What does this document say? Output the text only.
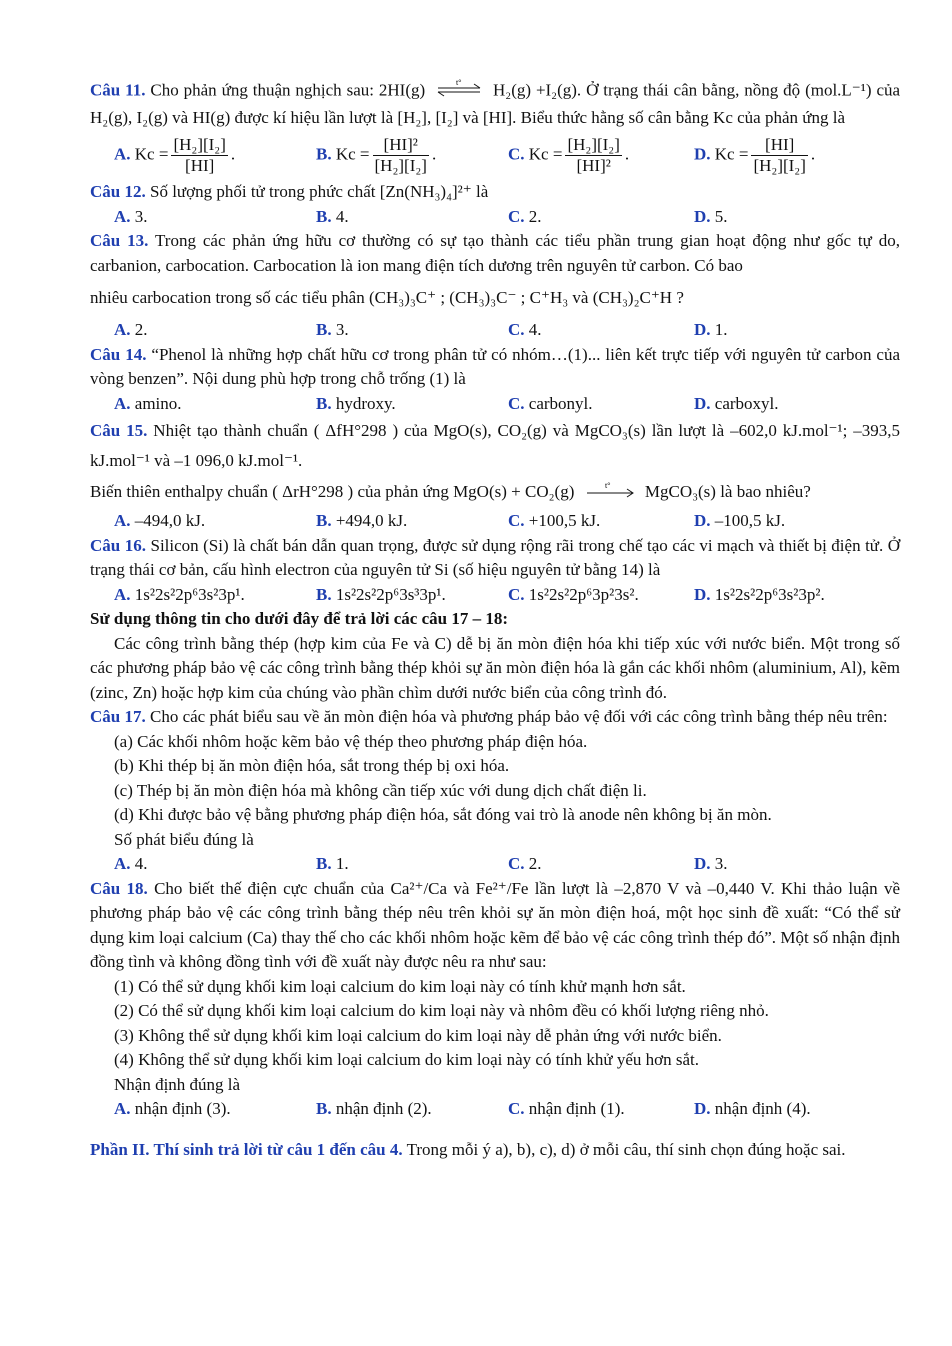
Câu 11. Cho phản ứng thuận nghịch sau: 2HI(g)	t° H₂(g) +I₂(g). Ở trạng thái cân bằng, nồng độ (mol.L⁻¹) của H₂(g), I₂(g) và HI(g) được kí hiệu lần lượt là [H₂], [I₂] và [HI]. Biểu thức hằng số cân bằng Kc của phản ứng là

A. $Kc = \frac{\text{[H₂][I₂]}}{[HI]}$ .	B. $Kc = \frac{\text{[HI]²}}{\text{[H₂][I₂]}}$ .	C. $Kc = \frac{\text{[H₂][I₂]}}{\text{[HI]²}}$ .	D. $Kc = \frac{[HI]}{\text{[H₂][I₂]}}$ .

Câu 12. Số lượng phối tử trong phức chất [Zn(NH₃)₄]²⁺ là

A. 3.	B. 4.	C. 2.	D. 5.

Câu 13. Trong các phản ứng hữu cơ thường có sự tạo thành các tiểu phần trung gian hoạt động như gốc tự do, carbanion, carbocation. Carbocation là ion mang điện tích dương trên nguyên tử carbon. Có bao

nhiêu carbocation trong số các tiểu phân (CH₃)₃C⁺ ; (CH₃)₃C⁻ ; C⁺H₃ và (CH₃)₂C⁺H ?

A. 2.	B. 3.	C. 4.	D. 1.

Câu 14. “Phenol là những hợp chất hữu cơ trong phân tử có nhóm…(1)... liên kết trực tiếp với nguyên tử carbon của vòng benzen”. Nội dung phù hợp trong chỗ trống (1) là

A. amino.	B. hydroxy.	C. carbonyl.	D. carboxyl.

Câu 15. Nhiệt tạo thành chuẩn ( ΔfH°298 ) của MgO(s), CO₂(g) và MgCO₃(s) lần lượt là –602,0 kJ.mol⁻¹; –393,5 kJ.mol⁻¹ và –1 096,0 kJ.mol⁻¹.

Biến thiên enthalpy chuẩn ( ΔrH°298 ) của phản ứng MgO(s) + CO₂(g)	t° MgCO₃(s) là bao nhiêu?

A. –494,0 kJ.	B. +494,0 kJ.	C. +100,5 kJ.	D. –100,5 kJ.

Câu 16. Silicon (Si) là chất bán dẫn quan trọng, được sử dụng rộng rãi trong chế tạo các vi mạch và thiết bị điện tử. Ở trạng thái cơ bản, cấu hình electron của nguyên tử Si (số hiệu nguyên tử bằng 14) là

A. 1s²2s²2p⁶3s²3p¹.	B. 1s²2s²2p⁶3s³3p¹.	C. 1s²2s²2p⁶3p²3s².	D. 1s²2s²2p⁶3s²3p².

Sử dụng thông tin cho dưới đây để trả lời các câu 17 – 18:

Các công trình bằng thép (hợp kim của Fe và C) dễ bị ăn mòn điện hóa khi tiếp xúc với nước biển. Một trong số các phương pháp bảo vệ các công trình bằng thép khỏi sự ăn mòn điện hóa là gắn các khối nhôm (aluminium, Al), kẽm (zinc, Zn) hoặc hợp kim của chúng vào phần chìm dưới nước biển của công trình đó.

Câu 17. Cho các phát biểu sau về ăn mòn điện hóa và phương pháp bảo vệ đối với các công trình bằng thép nêu trên:

(a) Các khối nhôm hoặc kẽm bảo vệ thép theo phương pháp điện hóa.

(b) Khi thép bị ăn mòn điện hóa, sắt trong thép bị oxi hóa.

(c) Thép bị ăn mòn điện hóa mà không cần tiếp xúc với dung dịch chất điện li.

(d) Khi được bảo vệ bằng phương pháp điện hóa, sắt đóng vai trò là anode nên không bị ăn mòn.

Số phát biểu đúng là

A. 4.	B. 1.	C. 2.	D. 3.

Câu 18. Cho biết thế điện cực chuẩn của Ca²⁺/Ca và Fe²⁺/Fe lần lượt là –2,870 V và –0,440 V. Khi thảo luận về phương pháp bảo vệ các công trình bằng thép nêu trên khỏi sự ăn mòn điện hoá, một học sinh đề xuất: “Có thể sử dụng kim loại calcium (Ca) thay thế cho các khối nhôm hoặc kẽm để bảo vệ các công trình thép đó”. Một số nhận định đồng tình và không đồng tình với đề xuất này được nêu ra như sau:

(1) Có thể sử dụng khối kim loại calcium do kim loại này có tính khử mạnh hơn sắt.

(2) Có thể sử dụng khối kim loại calcium do kim loại này và nhôm đều có khối lượng riêng nhỏ.

(3) Không thể sử dụng khối kim loại calcium do kim loại này dễ phản ứng với nước biển.

(4) Không thể sử dụng khối kim loại calcium do kim loại này có tính khử yếu hơn sắt.

Nhận định đúng là

A. nhận định (3).	B. nhận định (2).	C. nhận định (1).	D. nhận định (4).

Phần II. Thí sinh trả lời từ câu 1 đến câu 4. Trong mỗi ý a), b), c), d) ở mỗi câu, thí sinh chọn đúng hoặc sai.
